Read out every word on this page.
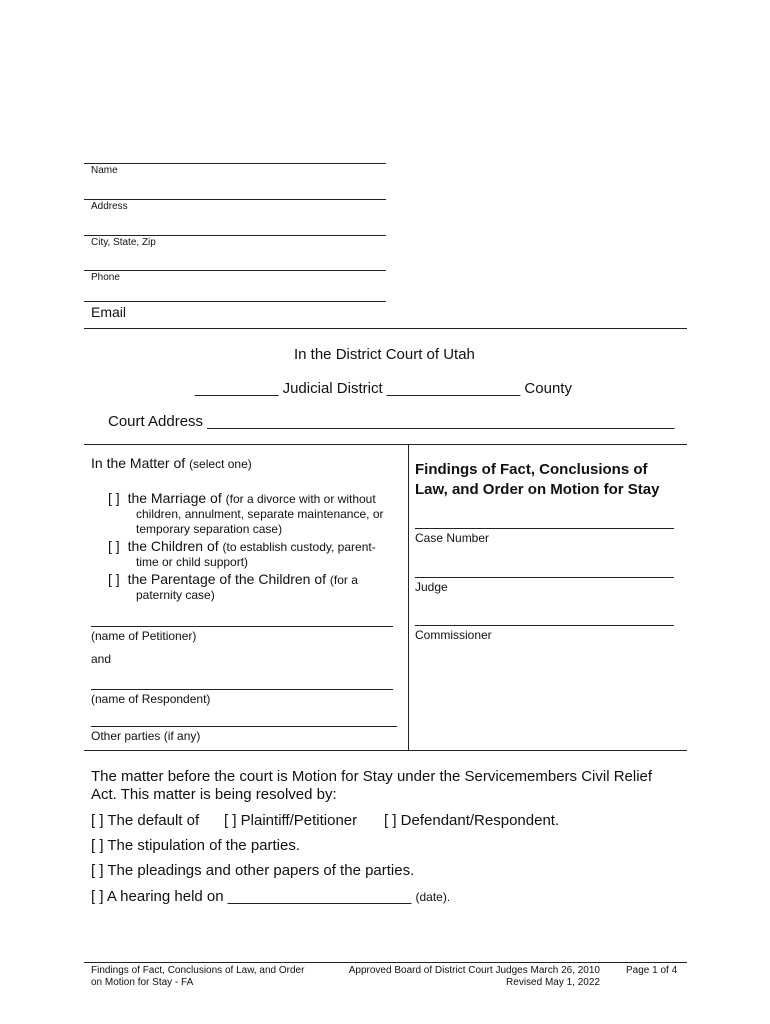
Name
Address
City, State, Zip
Phone
Email
In the District Court of Utah
__________ Judicial District ________________ County
Court Address ________________________________________________________
In the Matter of (select one)
[ ] the Marriage of (for a divorce with or without
children, annulment, separate maintenance, or
temporary separation case)
[ ] the Children of (to establish custody, parent-
time or child support)
[ ] the Parentage of the Children of (for a
paternity case)
(name of Petitioner)
and
(name of Respondent)
Other parties (if any)
Findings of Fact, Conclusions of Law, and Order on Motion for Stay
Case Number
Judge
Commissioner
The matter before the court is Motion for Stay under the Servicemembers Civil Relief Act. This matter is being resolved by:
[ ] The default of [ ] Plaintiff/Petitioner [ ] Defendant/Respondent.
[ ] The stipulation of the parties.
[ ] The pleadings and other papers of the parties.
[ ] A hearing held on ______________________ (date).
Findings of Fact, Conclusions of Law, and Order
on Motion for Stay - FA
Approved Board of District Court Judges March 26, 2010
Revised May 1, 2022
Page 1 of 4
